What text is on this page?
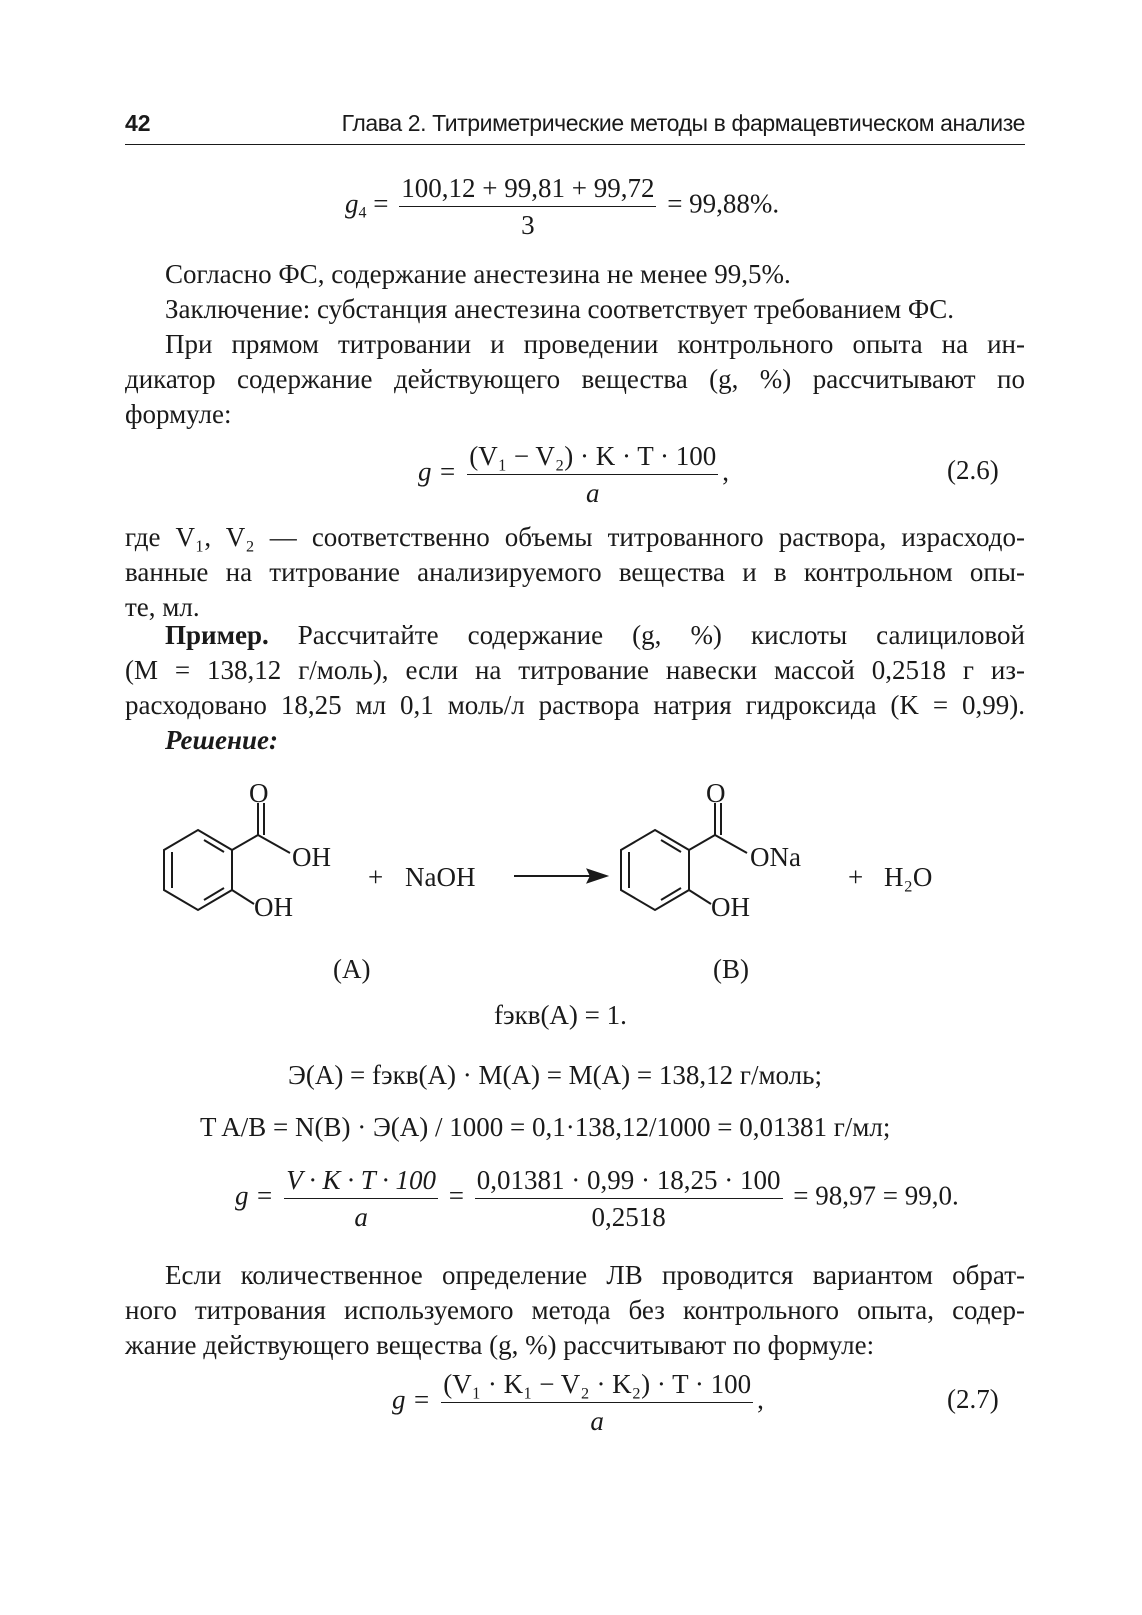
42	Глава 2. Титриметрические методы в фармацевтическом анализе
$g_4 = \frac{100,12 + 99,81 + 99,72}{3} = 99,88\%$.
Согласно ФС, содержание анестезина не менее 99,5%.
Заключение: субстанция анестезина соответствует требованием ФС.
При прямом титровании и проведении контрольного опыта на ин-
дикатор содержание действующего вещества (g, %) рассчитывают по
формуле:
$g = \frac{\text{(V₁ − V₂) · K · T · 100}}{a}$ ,	(2.6)
где V₁, V₂ — соответственно объемы титрованного раствора, израсходо-
ванные на титрование анализируемого вещества и в контрольном опы-
те, мл.
Пример. Рассчитайте содержание (g, %) кислоты салициловой
(M = 138,12 г/моль), если на титрование навески массой 0,2518 г из-
расходовано 18,25 мл 0,1 моль/л раствора натрия гидроксида (K = 0,99).
Решение:
O
OH
OH
+ NaOH
O
ONa
OH
+ H₂O
(A)	(B)
fэкв(A) = 1.
Э(A) = fэкв(A) · M(A) = M(A) = 138,12 г/моль;
T A/B = N(B) · Э(A) / 1000 = 0,1·138,12/1000 = 0,01381 г/мл;
$g = \frac{V \cdot K \cdot T \cdot 100}{a} = \frac{0,01381 \cdot 0,99 \cdot 18,25 \cdot 100}{0,2518} = 98,97 = 99,0$.
Если количественное определение ЛВ проводится вариантом обрат-
ного титрования используемого метода без контрольного опыта, содер-
жание действующего вещества (g, %) рассчитывают по формуле:
$g = \frac{\text{(V₁ · K₁ − V₂ · K₂) · T · 100}}{a}$ ,	(2.7)
